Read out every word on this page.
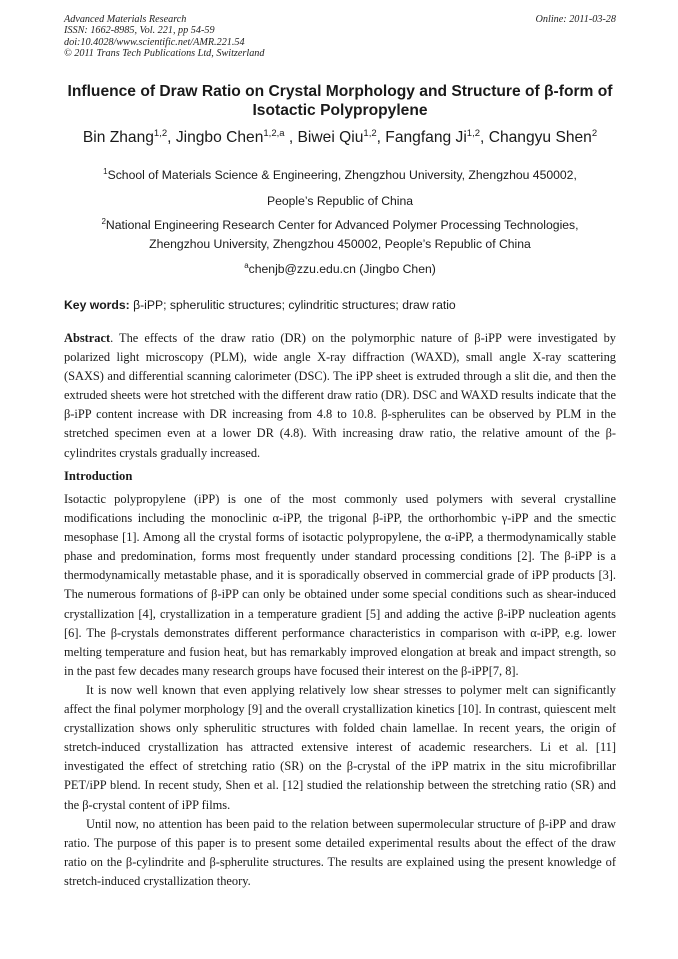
Advanced Materials Research
ISSN: 1662-8985, Vol. 221, pp 54-59
doi:10.4028/www.scientific.net/AMR.221.54
© 2011 Trans Tech Publications Ltd, Switzerland
Online: 2011-03-28
Influence of Draw Ratio on Crystal Morphology and Structure of β-form of Isotactic Polypropylene
Bin Zhang$^{1,2}$, Jingbo Chen$^{1,2,a}$ , Biwei Qiu$^{1,2}$, Fangfang Ji$^{1,2}$, Changyu Shen$^2$
$^1$School of Materials Science & Engineering, Zhengzhou University, Zhengzhou 450002,
People’s Republic of China
$^2$National Engineering Research Center for Advanced Polymer Processing Technologies,
Zhengzhou University, Zhengzhou 450002, People’s Republic of China
$^a$chenjb@zzu.edu.cn (Jingbo Chen)
Key words: β-iPP; spherulitic structures; cylindritic structures; draw ratio
Abstract. The effects of the draw ratio (DR) on the polymorphic nature of β-iPP were investigated by polarized light microscopy (PLM), wide angle X-ray diffraction (WAXD), small angle X-ray scattering (SAXS) and differential scanning calorimeter (DSC). The iPP sheet is extruded through a slit die, and then the extruded sheets were hot stretched with the different draw ratio (DR). DSC and WAXD results indicate that the β-iPP content increase with DR increasing from 4.8 to 10.8. β-spherulites can be observed by PLM in the stretched specimen even at a lower DR (4.8). With increasing draw ratio, the relative amount of the β-cylindrites crystals gradually increased.
Introduction

Isotactic polypropylene (iPP) is one of the most commonly used polymers with several crystalline modifications including the monoclinic α-iPP, the trigonal β-iPP, the orthorhombic γ-iPP and the smectic mesophase [1]. Among all the crystal forms of isotactic polypropylene, the α-iPP, a thermodynamically stable phase and predomination, forms most frequently under standard processing conditions [2]. The β-iPP is a thermodynamically metastable phase, and it is sporadically observed in commercial grade of iPP products [3]. The numerous formations of β-iPP can only be obtained under some special conditions such as shear-induced crystallization [4], crystallization in a temperature gradient [5] and adding the active β-iPP nucleation agents [6]. The β-crystals demonstrates different performance characteristics in comparison with α-iPP, e.g. lower melting temperature and fusion heat, but has remarkably improved elongation at break and impact strength, so in the past few decades many research groups have focused their interest on the β-iPP[7, 8].

It is now well known that even applying relatively low shear stresses to polymer melt can significantly affect the final polymer morphology [9] and the overall crystallization kinetics [10]. In contrast, quiescent melt crystallization shows only spherulitic structures with folded chain lamellae. In recent years, the origin of stretch-induced crystallization has attracted extensive interest of academic researchers. Li et al. [11] investigated the effect of stretching ratio (SR) on the β-crystal of the iPP matrix in the situ microfibrillar PET/iPP blend. In recent study, Shen et al. [12] studied the relationship between the stretching ratio (SR) and the β-crystal content of iPP films.

Until now, no attention has been paid to the relation between supermolecular structure of β-iPP and draw ratio. The purpose of this paper is to present some detailed experimental results about the effect of the draw ratio on the β-cylindrite and β-spherulite structures. The results are explained using the present knowledge of stretch-induced crystallization theory.
